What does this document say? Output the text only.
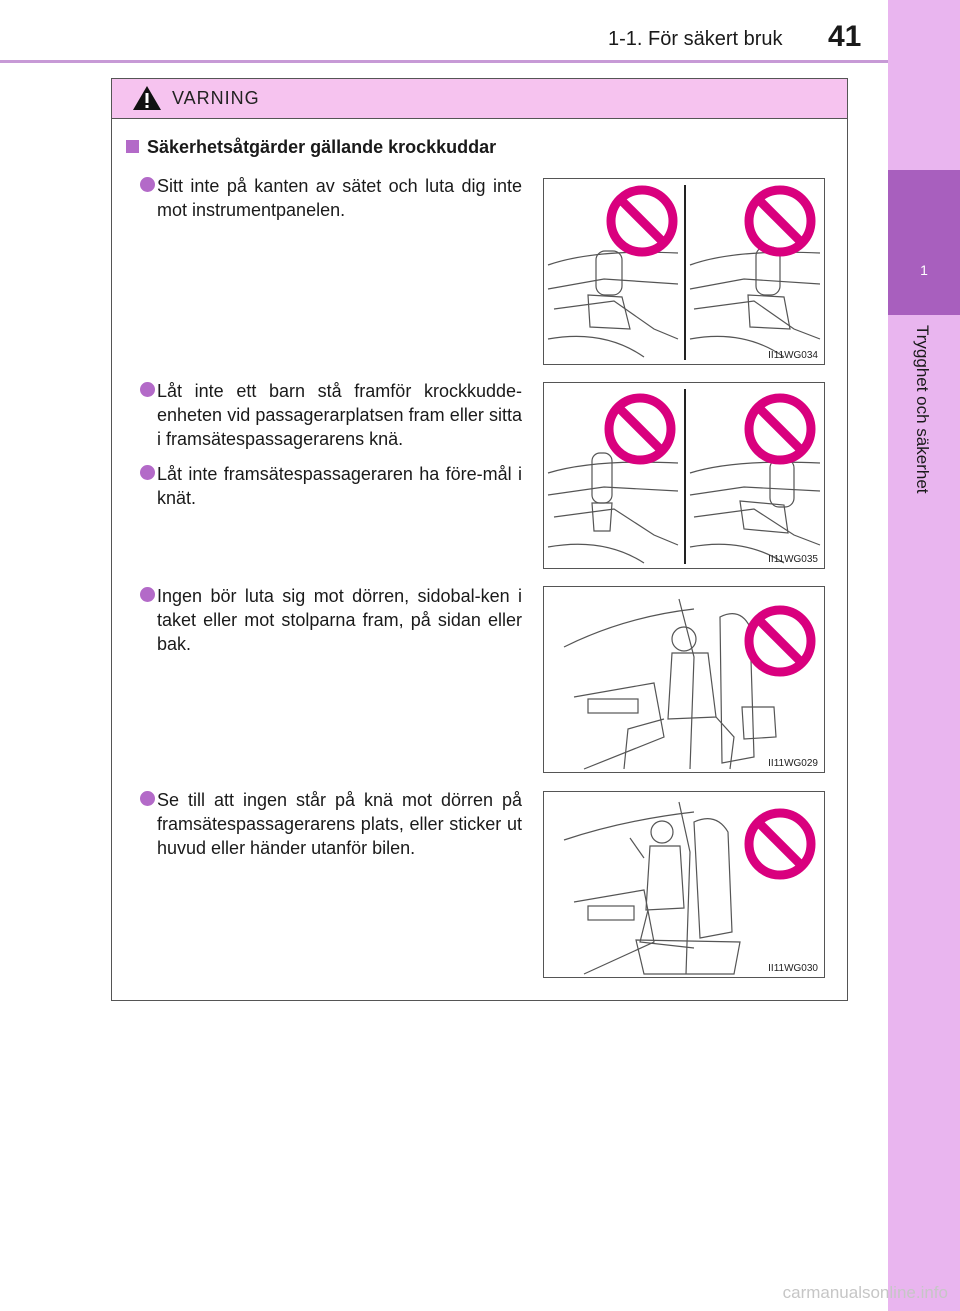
1-1. För säkert bruk 41
1
Trygghet och säkerhet
VARNING
Säkerhetsåtgärder gällande krockkuddar
Sitt inte på kanten av sätet och luta dig inte mot instrumentpanelen.
II11WG034
Låt inte ett barn stå framför krockkudde-enheten vid passagerarplatsen fram eller sitta i framsätespassagerarens knä.
Låt inte framsätespassageraren ha före-mål i knät.
II11WG035
Ingen bör luta sig mot dörren, sidobal-ken i taket eller mot stolparna fram, på sidan eller bak.
II11WG029
Se till att ingen står på knä mot dörren på framsätespassagerarens plats, eller sticker ut huvud eller händer utanför bilen.
II11WG030
carmanualsonline.info
